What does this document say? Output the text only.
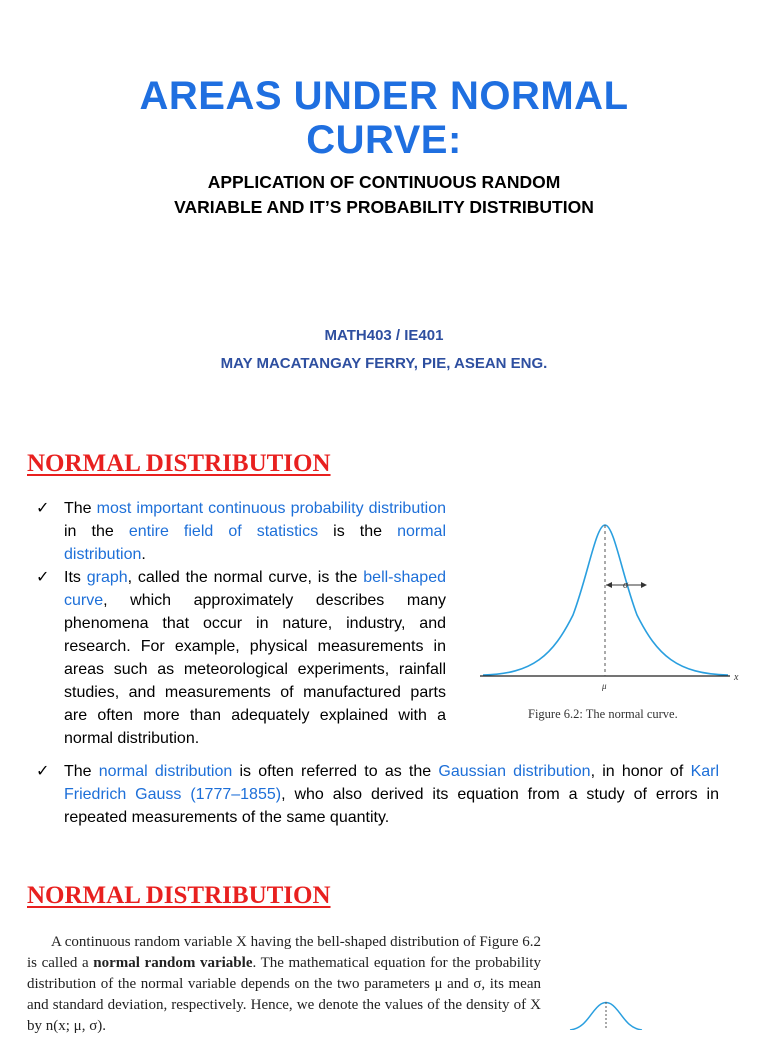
AREAS UNDER NORMAL
CURVE:
APPLICATION OF CONTINUOUS RANDOM
VARIABLE AND IT’S PROBABILITY DISTRIBUTION
MATH403 / IE401
MAY MACATANGAY FERRY, PIE, ASEAN ENG.
NORMAL DISTRIBUTION
✓ The most important continuous probability distribution in the entire field of statistics is the normal distribution.
✓ Its graph, called the normal curve, is the bell-shaped curve, which approximately describes many phenomena that occur in nature, industry, and research. For example, physical measurements in areas such as meteorological experiments, rainfall studies, and measurements of manufactured parts are often more than adequately explained with a normal distribution.
σ
μ
x
Figure 6.2: The normal curve.
✓ The normal distribution is often referred to as the Gaussian distribution, in honor of Karl Friedrich Gauss (1777–1855), who also derived its equation from a study of errors in repeated measurements of the same quantity.
NORMAL DISTRIBUTION

A continuous random variable X having the bell-shaped distribution of Figure 6.2 is called a normal random variable. The mathematical equation for the probability distribution of the normal variable depends on the two parameters μ and σ, its mean and standard deviation, respectively. Hence, we denote the values of the density of X by n(x; μ, σ).
